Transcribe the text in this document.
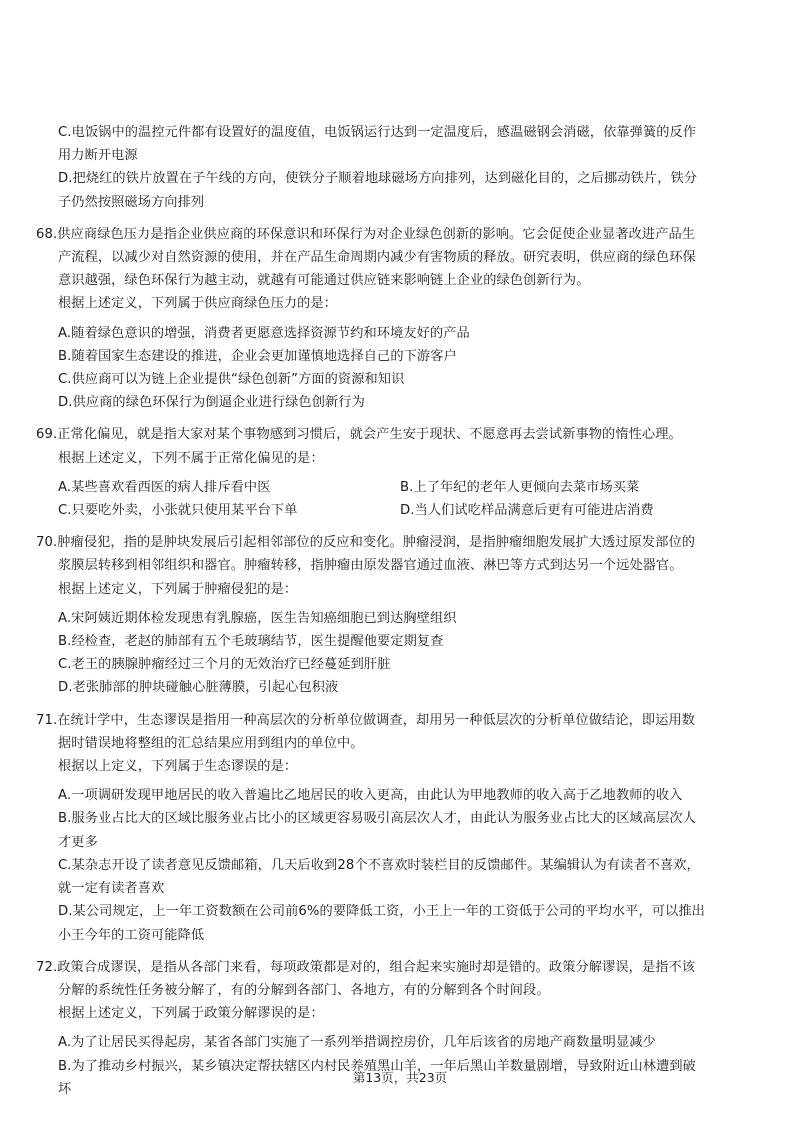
C.电饭锅中的温控元件都有设置好的温度值，电饭锅运行达到一定温度后，感温磁钢会消磁，依靠弹簧的反作
用力断开电源
D.把烧红的铁片放置在子午线的方向，使铁分子顺着地球磁场方向排列，达到磁化目的，之后挪动铁片，铁分
子仍然按照磁场方向排列
68.供应商绿色压力是指企业供应商的环保意识和环保行为对企业绿色创新的影响。它会促使企业显著改进产品生
产流程，以减少对自然资源的使用，并在产品生命周期内减少有害物质的释放。研究表明，供应商的绿色环保
意识越强，绿色环保行为越主动，就越有可能通过供应链来影响链上企业的绿色创新行为。
根据上述定义，下列属于供应商绿色压力的是：
A.随着绿色意识的增强，消费者更愿意选择资源节约和环境友好的产品
B.随着国家生态建设的推进，企业会更加谨慎地选择自己的下游客户
C.供应商可以为链上企业提供“绿色创新”方面的资源和知识
D.供应商的绿色环保行为倒逼企业进行绿色创新行为
69.正常化偏见，就是指大家对某个事物感到习惯后，就会产生安于现状、不愿意再去尝试新事物的惰性心理。
根据上述定义，下列不属于正常化偏见的是：
A.某些喜欢看西医的病人排斥看中医	B.上了年纪的老年人更倾向去菜市场买菜
C.只要吃外卖，小张就只使用某平台下单	D.当人们试吃样品满意后更有可能进店消费
70.肿瘤侵犯，指的是肿块发展后引起相邻部位的反应和变化。肿瘤浸润，是指肿瘤细胞发展扩大透过原发部位的
浆膜层转移到相邻组织和器官。肿瘤转移，指肿瘤由原发器官通过血液、淋巴等方式到达另一个远处器官。
根据上述定义，下列属于肿瘤侵犯的是：
A.宋阿姨近期体检发现患有乳腺癌，医生告知癌细胞已到达胸壁组织
B.经检查，老赵的肺部有五个毛玻璃结节，医生提醒他要定期复查
C.老王的胰腺肿瘤经过三个月的无效治疗已经蔓延到肝脏
D.老张肺部的肿块碰触心脏薄膜，引起心包积液
71.在统计学中，生态谬误是指用一种高层次的分析单位做调查，却用另一种低层次的分析单位做结论，即运用数
据时错误地将整组的汇总结果应用到组内的单位中。
根据以上定义，下列属于生态谬误的是：
A.一项调研发现甲地居民的收入普遍比乙地居民的收入更高，由此认为甲地教师的收入高于乙地教师的收入
B.服务业占比大的区域比服务业占比小的区域更容易吸引高层次人才，由此认为服务业占比大的区域高层次人
才更多
C.某杂志开设了读者意见反馈邮箱，几天后收到28个不喜欢时装栏目的反馈邮件。某编辑认为有读者不喜欢，
就一定有读者喜欢
D.某公司规定，上一年工资数额在公司前6%的要降低工资，小王上一年的工资低于公司的平均水平，可以推出
小王今年的工资可能降低
72.政策合成谬误，是指从各部门来看，每项政策都是对的，组合起来实施时却是错的。政策分解谬误，是指不该
分解的系统性任务被分解了，有的分解到各部门、各地方，有的分解到各个时间段。
根据上述定义，下列属于政策分解谬误的是：
A.为了让居民买得起房，某省各部门实施了一系列举措调控房价，几年后该省的房地产商数量明显减少
B.为了推动乡村振兴，某乡镇决定帮扶辖区内村民养殖黑山羊，一年后黑山羊数量剧增，导致附近山林遭到破
坏
第13页，共23页
